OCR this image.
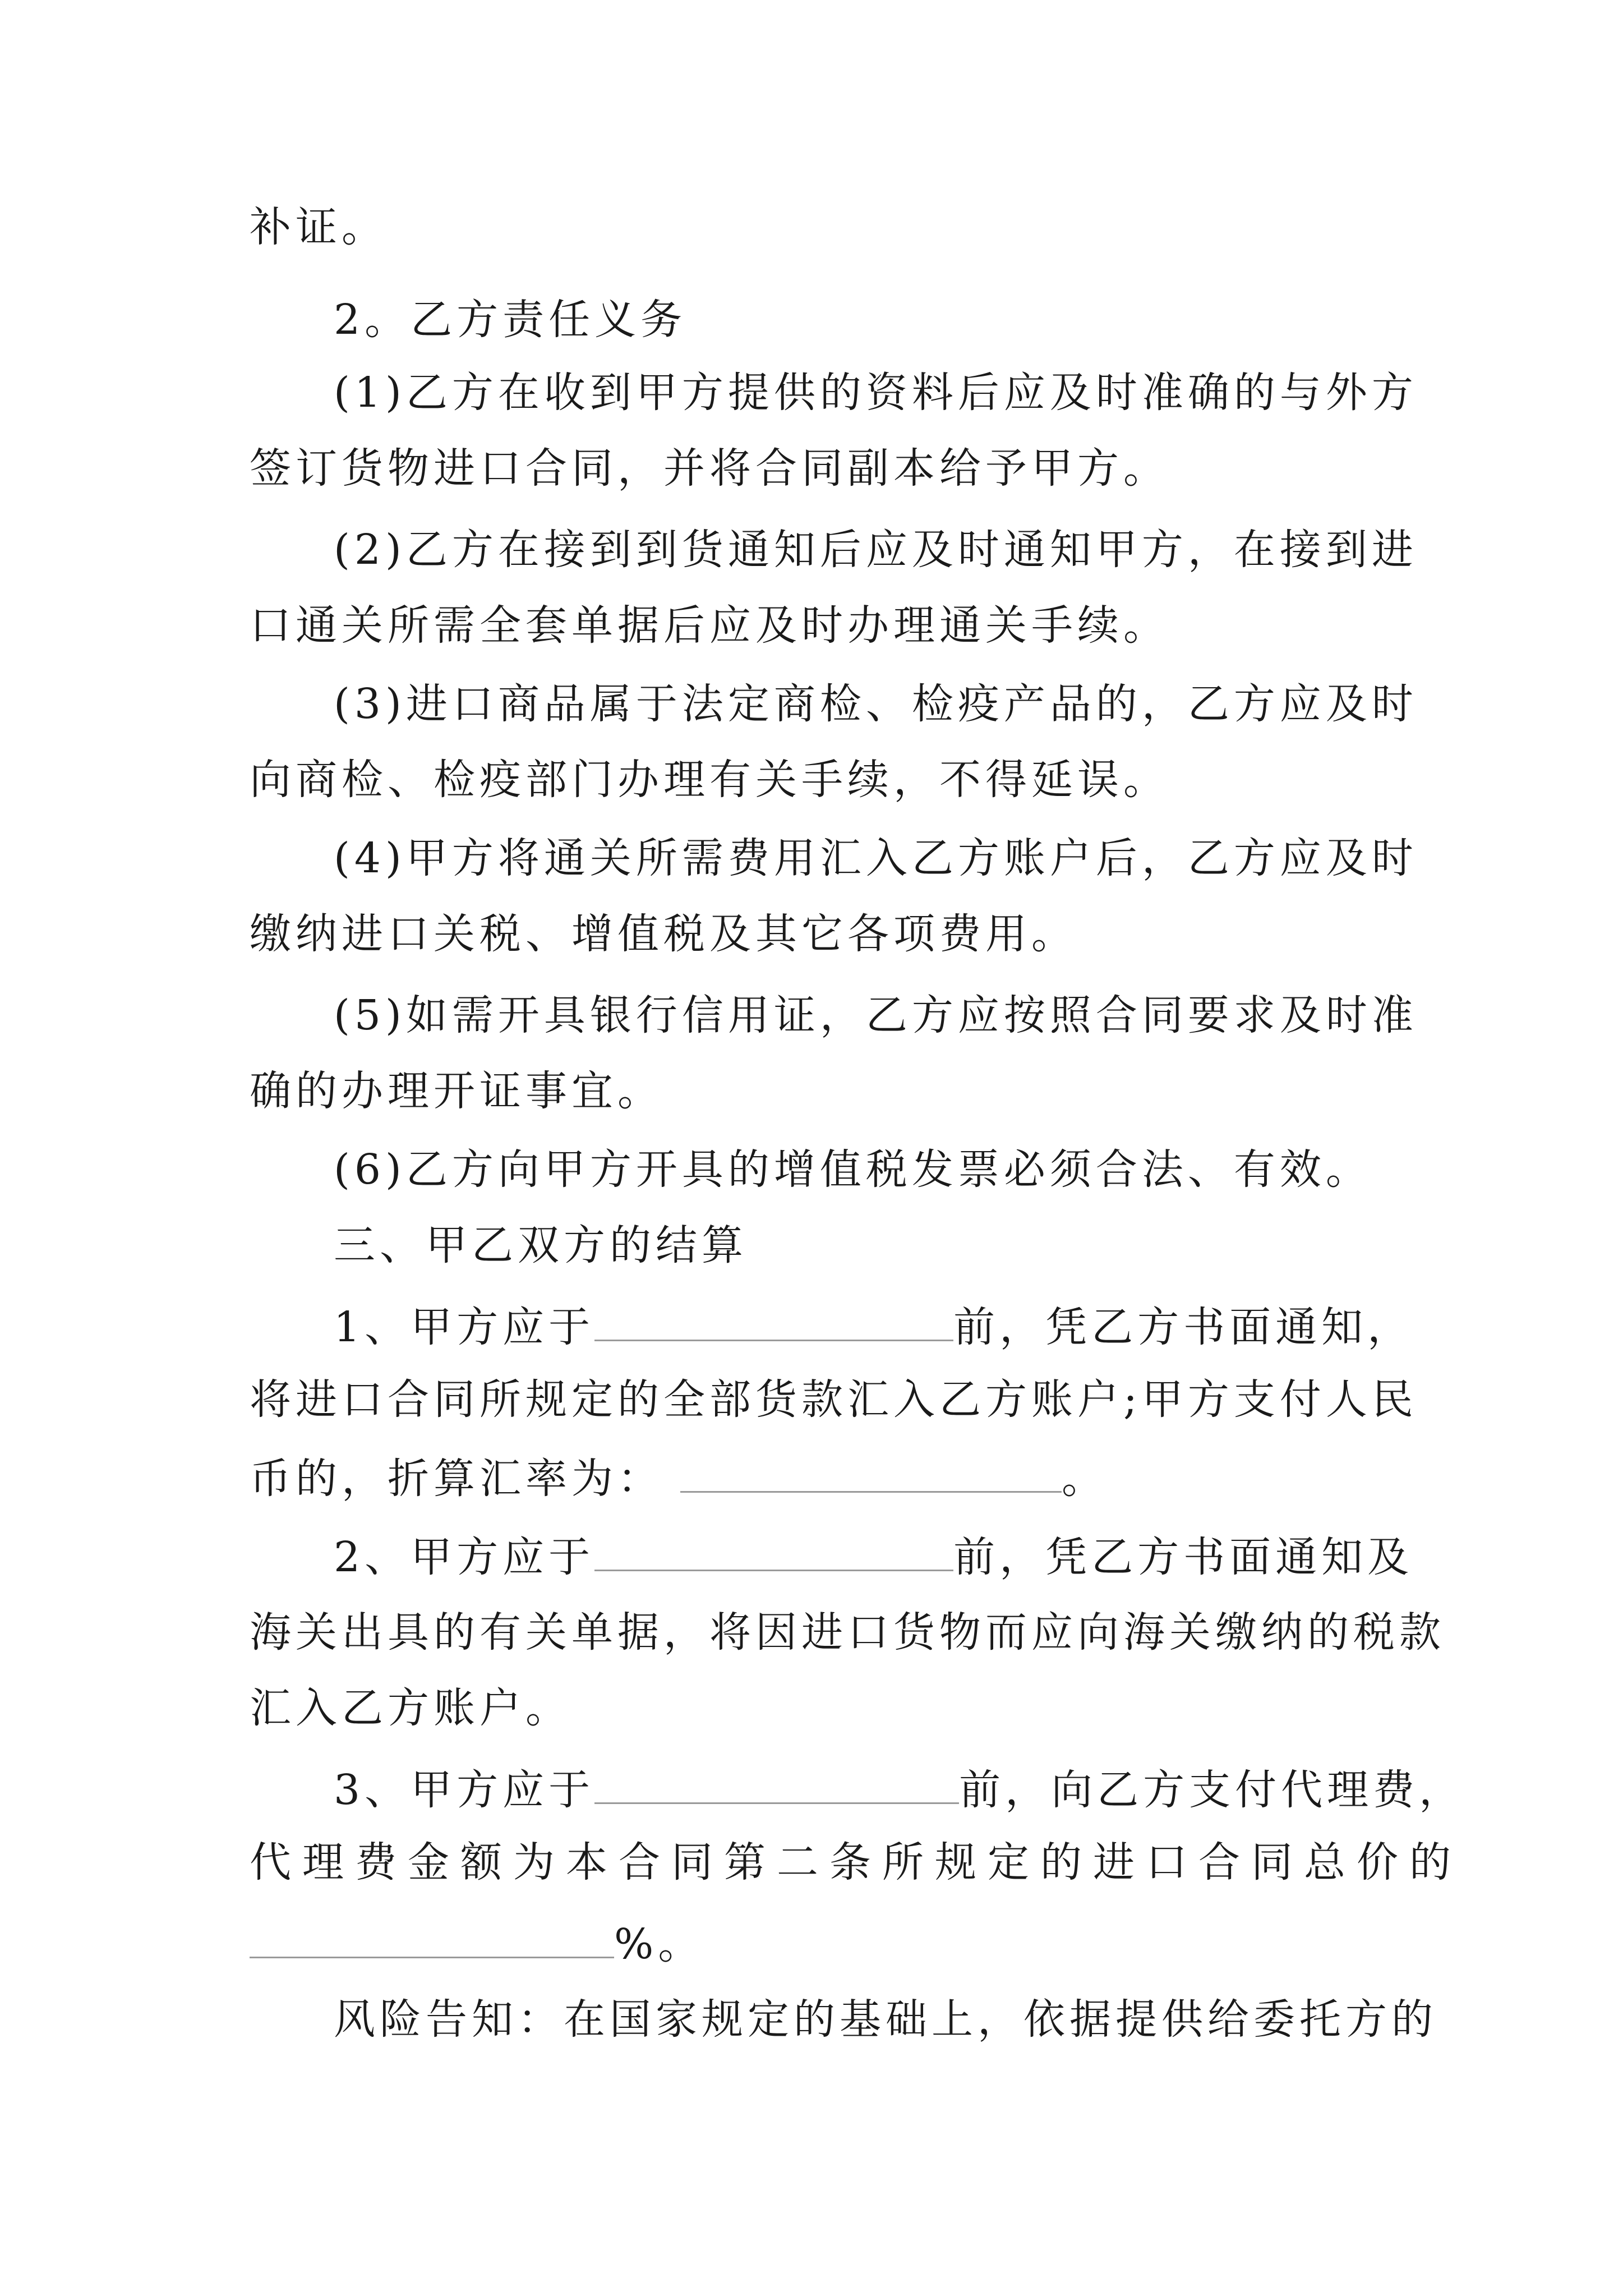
补证。
2。乙方责任义务
(1)乙方在收到甲方提供的资料后应及时准确的与外方
签订货物进口合同，并将合同副本给予甲方。
(2)乙方在接到到货通知后应及时通知甲方，在接到进
口通关所需全套单据后应及时办理通关手续。
(3)进口商品属于法定商检、检疫产品的，乙方应及时
向商检、检疫部门办理有关手续，不得延误。
(4)甲方将通关所需费用汇入乙方账户后，乙方应及时
缴纳进口关税、增值税及其它各项费用。
(5)如需开具银行信用证，乙方应按照合同要求及时准
确的办理开证事宜。
(6)乙方向甲方开具的增值税发票必须合法、有效。
三、甲乙双方的结算
1、甲方应于	前，凭乙方书面通知，
将进口合同所规定的全部货款汇入乙方账户;甲方支付人民
币的，折算汇率为：	。
2、甲方应于	前，凭乙方书面通知及
海关出具的有关单据，将因进口货物而应向海关缴纳的税款
汇入乙方账户。
3、甲方应于	前，向乙方支付代理费，
代理费金额为本合同第二条所规定的进口合同总价的
%。
风险告知：在国家规定的基础上，依据提供给委托方的
